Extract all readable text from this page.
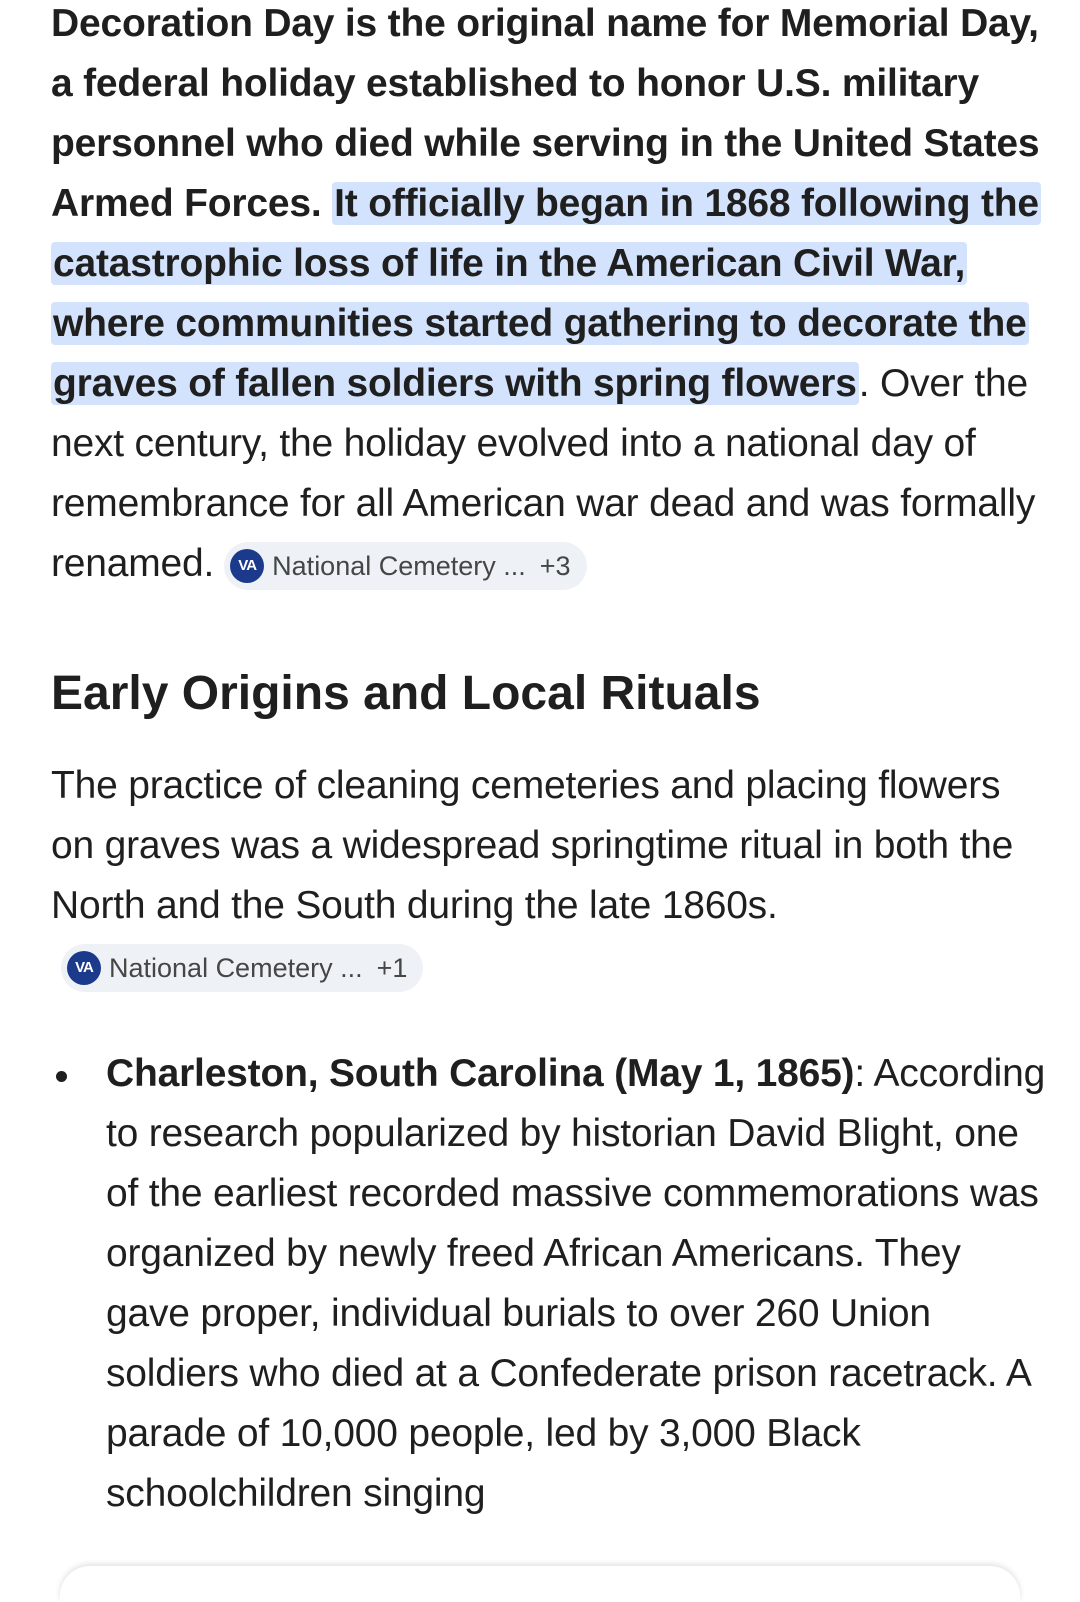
Decoration Day is the original name for Memorial Day, a federal holiday established to honor U.S. military personnel who died while serving in the United States Armed Forces. It officially began in 1868 following the catastrophic loss of life in the American Civil War, where communities started gathering to decorate the graves of fallen soldiers with spring flowers. Over the next century, the holiday evolved into a national day of remembrance for all American war dead and was formally renamed.	VA National Cemetery ... +3

Early Origins and Local Rituals

The practice of cleaning cemeteries and placing flowers on graves was a widespread springtime ritual in both the North and the South during the late 1860s.
VA National Cemetery ... +1

Charleston, South Carolina (May 1, 1865): According to research popularized by historian David Blight, one of the earliest recorded massive commemorations was organized by newly freed African Americans. They gave proper, individual burials to over 260 Union soldiers who died at a Confederate prison racetrack. A parade of 10,000 people, led by 3,000 Black schoolchildren singing
